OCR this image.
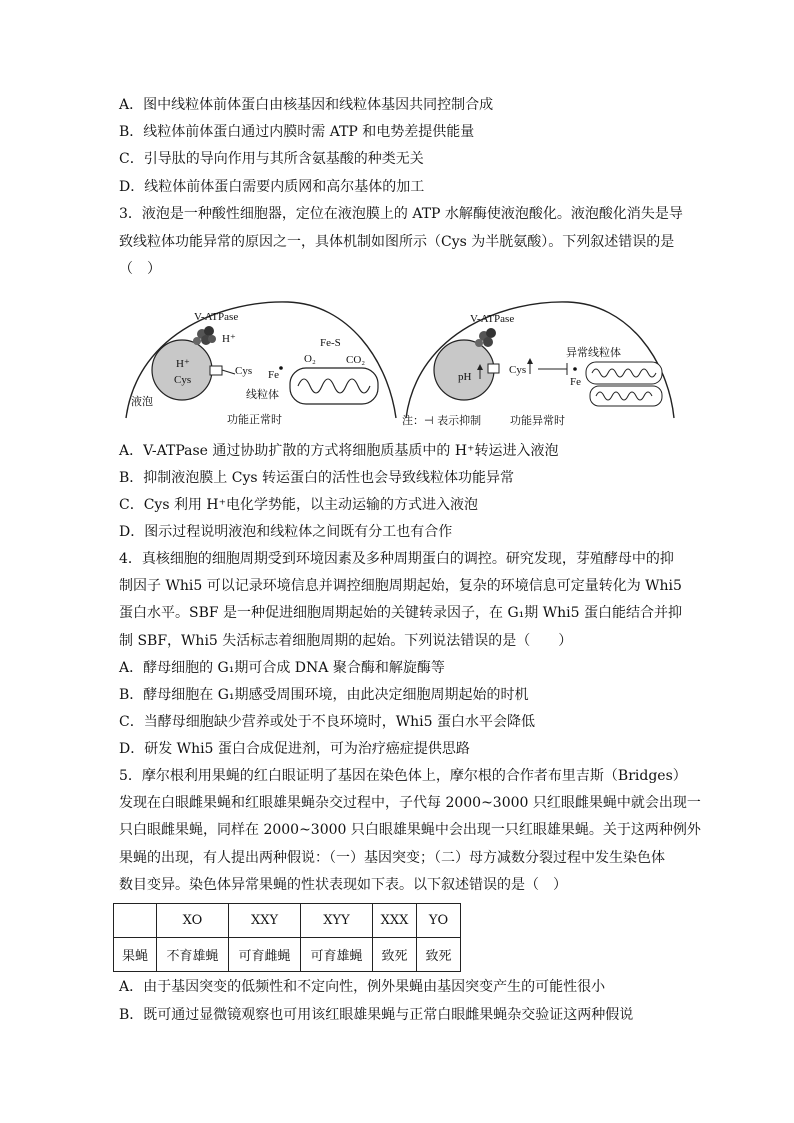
A．图中线粒体前体蛋白由核基因和线粒体基因共同控制合成
B．线粒体前体蛋白通过内膜时需 ATP 和电势差提供能量
C．引导肽的导向作用与其所含氨基酸的种类无关
D．线粒体前体蛋白需要内质网和高尔基体的加工
3．液泡是一种酸性细胞器，定位在液泡膜上的 ATP 水解酶使液泡酸化。液泡酸化消失是导
致线粒体功能异常的原因之一，具体机制如图所示（Cys 为半胱氨酸）。下列叙述错误的是
（　）
V-ATPase
H⁺
H⁺
Cys
Cys
液泡
Fe
Fe-S
O₂	CO₂
线粒体
功能正常时
V-ATPase
pH
Cys
Fe
异常线粒体
注：⊣ 表示抑制	功能异常时
A．V-ATPase 通过协助扩散的方式将细胞质基质中的 H⁺转运进入液泡
B．抑制液泡膜上 Cys 转运蛋白的活性也会导致线粒体功能异常
C．Cys 利用 H⁺电化学势能，以主动运输的方式进入液泡
D．图示过程说明液泡和线粒体之间既有分工也有合作
4．真核细胞的细胞周期受到环境因素及多种周期蛋白的调控。研究发现，芽殖酵母中的抑
制因子 Whi5 可以记录环境信息并调控细胞周期起始，复杂的环境信息可定量转化为 Whi5
蛋白水平。SBF 是一种促进细胞周期起始的关键转录因子，在 G₁期 Whi5 蛋白能结合并抑
制 SBF，Whi5 失活标志着细胞周期的起始。下列说法错误的是（　　）
A．酵母细胞的 G₁期可合成 DNA 聚合酶和解旋酶等
B．酵母细胞在 G₁期感受周围环境，由此决定细胞周期起始的时机
C．当酵母细胞缺少营养或处于不良环境时，Whi5 蛋白水平会降低
D．研发 Whi5 蛋白合成促进剂，可为治疗癌症提供思路
5．摩尔根利用果蝇的红白眼证明了基因在染色体上，摩尔根的合作者布里吉斯（Bridges）
发现在白眼雌果蝇和红眼雄果蝇杂交过程中，子代每 2000~3000 只红眼雌果蝇中就会出现一
只白眼雌果蝇，同样在 2000~3000 只白眼雄果蝇中会出现一只红眼雄果蝇。关于这两种例外
果蝇的出现，有人提出两种假说：（一）基因突变；（二）母方减数分裂过程中发生染色体
数目变异。染色体异常果蝇的性状表现如下表。以下叙述错误的是（　）
	XO	XXY	XYY	XXX	YO
果蝇	不育雄蝇	可育雌蝇	可育雄蝇	致死	致死
A．由于基因突变的低频性和不定向性，例外果蝇由基因突变产生的可能性很小
B．既可通过显微镜观察也可用该红眼雄果蝇与正常白眼雌果蝇杂交验证这两种假说
